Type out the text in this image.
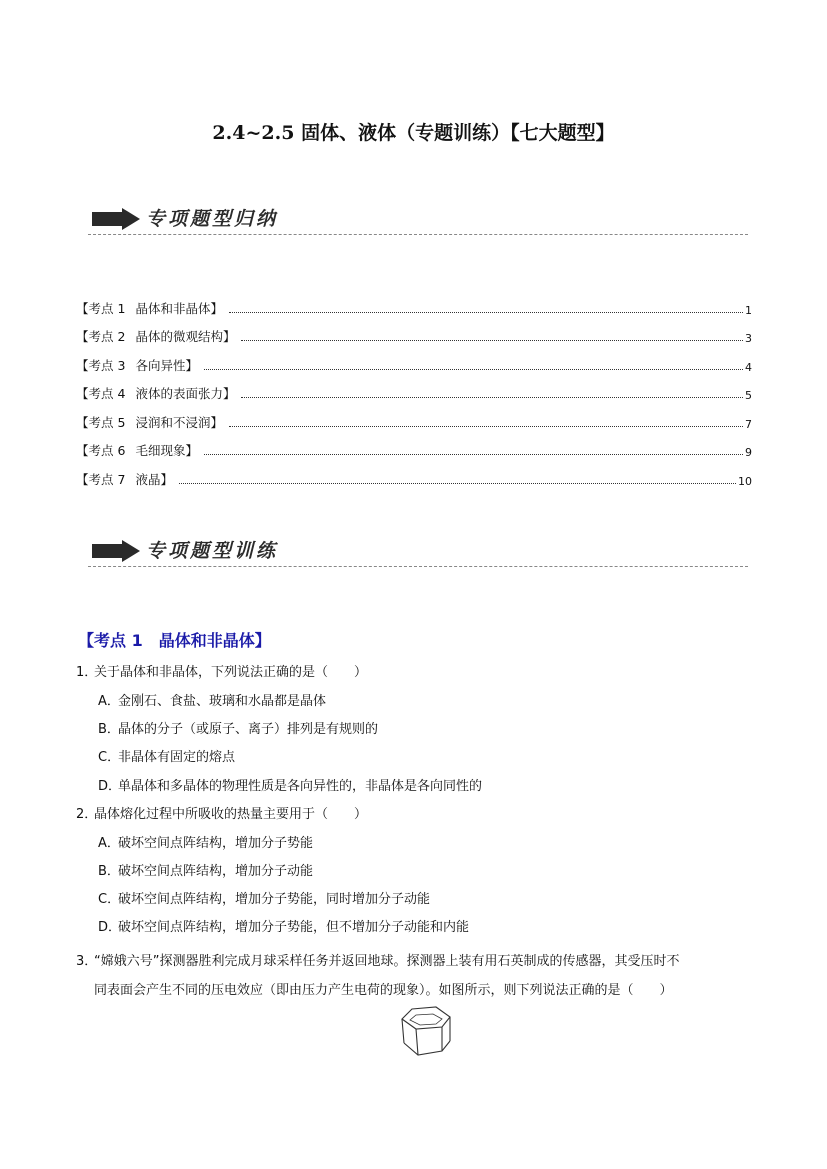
2.4~2.5 固体、液体（专题训练）【七大题型】
专项题型归纳
【考点 1 晶体和非晶体】	1
【考点 2 晶体的微观结构】	3
【考点 3 各向异性】	4
【考点 4 液体的表面张力】	5
【考点 5 浸润和不浸润】	7
【考点 6 毛细现象】	9
【考点 7 液晶】	10
专项题型训练
【考点 1 晶体和非晶体】
1．关于晶体和非晶体，下列说法正确的是（　　）
A．金刚石、食盐、玻璃和水晶都是晶体
B．晶体的分子（或原子、离子）排列是有规则的
C．非晶体有固定的熔点
D．单晶体和多晶体的物理性质是各向异性的，非晶体是各向同性的
2．晶体熔化过程中所吸收的热量主要用于（　　）
A．破坏空间点阵结构，增加分子势能
B．破坏空间点阵结构，增加分子动能
C．破坏空间点阵结构，增加分子势能，同时增加分子动能
D．破坏空间点阵结构，增加分子势能，但不增加分子动能和内能
3．“嫦娥六号”探测器胜利完成月球采样任务并返回地球。探测器上装有用石英制成的传感器，其受压时不
同表面会产生不同的压电效应（即由压力产生电荷的现象）。如图所示，则下列说法正确的是（　　）
